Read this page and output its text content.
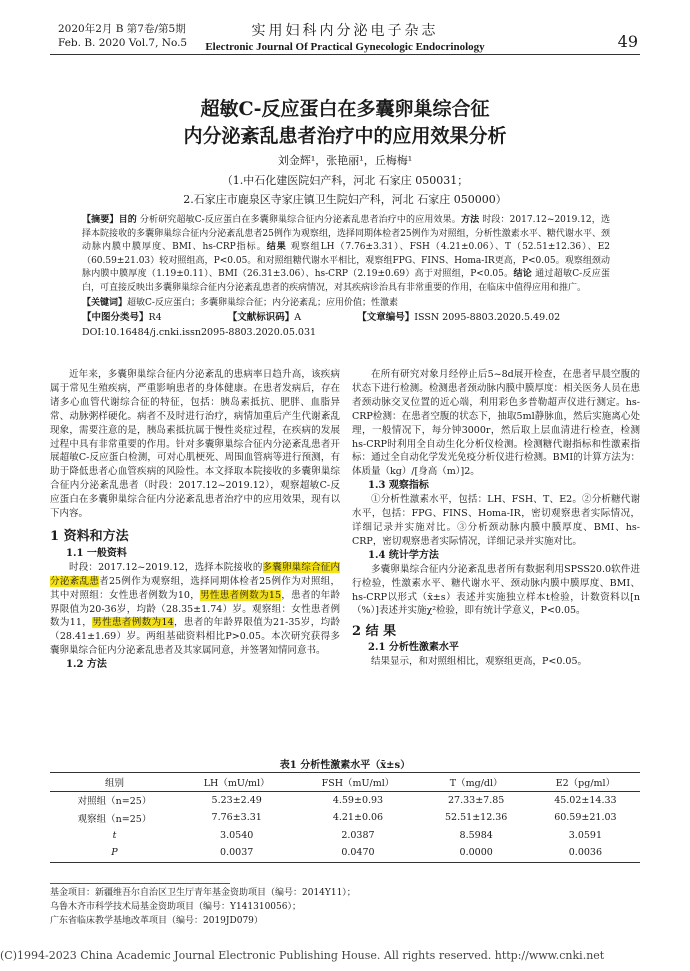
2020年2月 B 第7卷/第5期
Feb. B. 2020 Vol.7, No.5
实用妇科内分泌电子杂志
Electronic Journal Of Practical Gynecologic Endocrinology	49
超敏C-反应蛋白在多囊卵巢综合征
内分泌紊乱患者治疗中的应用效果分析
刘金辉¹，张艳丽¹，丘梅梅¹
（1.中石化建医院妇产科，河北 石家庄 050031；
2.石家庄市鹿泉区寺家庄镇卫生院妇产科，河北 石家庄 050000）
【摘要】目的 分析研究超敏C-反应蛋白在多囊卵巢综合征内分泌紊乱患者治疗中的应用效果。方法 时段：2017.12~2019.12，选择本院接收的多囊卵巢综合征内分泌紊乱患者25例作为观察组，选择同期体检者25例作为对照组，分析性激素水平、糖代谢水平、颈动脉内膜中膜厚度、BMI、hs-CRP指标。结果 观察组LH（7.76±3.31）、FSH（4.21±0.06）、T（52.51±12.36）、E2（60.59±21.03）较对照组高，P<0.05。和对照组糖代谢水平相比，观察组FPG、FINS、Homa-IR更高，P<0.05。观察组颈动脉内膜中膜厚度（1.19±0.11）、BMI（26.31±3.06）、hs-CRP（2.19±0.69）高于对照组，P<0.05。结论 通过超敏C-反应蛋白，可直接反映出多囊卵巢综合征内分泌紊乱患者的疾病情况，对其疾病诊治具有非常重要的作用，在临床中值得应用和推广。
【关键词】超敏C-反应蛋白；多囊卵巢综合征；内分泌紊乱；应用价值；性激素
【中图分类号】R4	【文献标识码】A	【文章编号】ISSN 2095-8803.2020.5.49.02
DOI:10.16484/j.cnki.issn2095-8803.2020.05.031

近年来，多囊卵巢综合征内分泌紊乱的患病率日趋升高，该疾病属于常见生殖疾病，严重影响患者的身体健康。在患者发病后，存在诸多心血管代谢综合征的特征，包括：胰岛素抵抗、肥胖、血脂异常、动脉粥样硬化。病者不及时进行治疗，病情加重后产生代谢紊乱现象，需要注意的是，胰岛素抵抗属于慢性炎症过程，在疾病的发展过程中具有非常重要的作用。针对多囊卵巢综合征内分泌紊乱患者开展超敏C-反应蛋白检测，可对心肌梗死、周围血管病等进行预测，有助于降低患者心血管疾病的风险性。本文择取本院接收的多囊卵巢综合征内分泌紊乱患者（时段：2017.12~2019.12），观察超敏C-反应蛋白在多囊卵巢综合征内分泌紊乱患者治疗中的应用效果，现有以下内容。

1 资料和方法
1.1 一般资料

时段：2017.12~2019.12，选择本院接收的多囊卵巢综合征内分泌紊乱患者25例作为观察组，选择同期体检者25例作为对照组，其中对照组：女性患者例数为10，男性患者例数为15，患者的年龄界限值为20-36岁，均龄（28.35±1.74）岁。观察组：女性患者例数为11，男性患者例数为14，患者的年龄界限值为21-35岁，均龄（28.41±1.69）岁。两组基础资料相比P>0.05。本次研究获得多囊卵巢综合征内分泌紊乱患者及其家属同意，并签署知情同意书。

1.2 方法

在所有研究对象月经停止后5~8d展开检查，在患者早晨空腹的状态下进行检测。检测患者颈动脉内膜中膜厚度：相关医务人员在患者颈动脉交叉位置的近心端，利用彩色多普勒超声仪进行测定。hs-CRP检测：在患者空腹的状态下，抽取5ml静脉血，然后实施离心处理，一般情况下，每分钟3000r，然后取上层血清进行检查，检测hs-CRP时利用全自动生化分析仪检测。检测糖代谢指标和性激素指标：通过全自动化学发光免疫分析仪进行检测。BMI的计算方法为：体质量（kg）/[身高（m）]2。

1.3 观察指标

①分析性激素水平，包括：LH、FSH、T、E2。②分析糖代谢水平，包括：FPG、FINS、Homa-IR，密切观察患者实际情况，详细记录并实施对比。③分析颈动脉内膜中膜厚度、BMI、hs-CRP，密切观察患者实际情况，详细记录并实施对比。

1.4 统计学方法

多囊卵巢综合征内分泌紊乱患者所有数据利用SPSS20.0软件进行检验，性激素水平、糖代谢水平、颈动脉内膜中膜厚度、BMI、hs-CRP以形式（x̄±s）表述并实施独立样本t检验，计数资料以[n（%）]表述并实施χ²检验，即有统计学意义，P<0.05。

2 结 果
2.1 分析性激素水平

结果显示，和对照组相比，观察组更高，P<0.05。

表1 分析性激素水平（x̄±s）
组别	LH（mU/ml）	FSH（mU/ml）	T（mg/dl）	E2（pg/ml）
对照组（n=25）	5.23±2.49	4.59±0.93	27.33±7.85	45.02±14.33
观察组（n=25）	7.76±3.31	4.21±0.06	52.51±12.36	60.59±21.03
t	3.0540	2.0387	8.5984	3.0591
P	0.0037	0.0470	0.0000	0.0036
基金项目：新疆维吾尔自治区卫生厅青年基金资助项目（编号：2014Y11）；
乌鲁木齐市科学技术局基金资助项目（编号：Y141310056）；
广东省临床教学基地改革项目（编号：2019JD079）
(C)1994-2023 China Academic Journal Electronic Publishing House. All rights reserved. http://www.cnki.net
